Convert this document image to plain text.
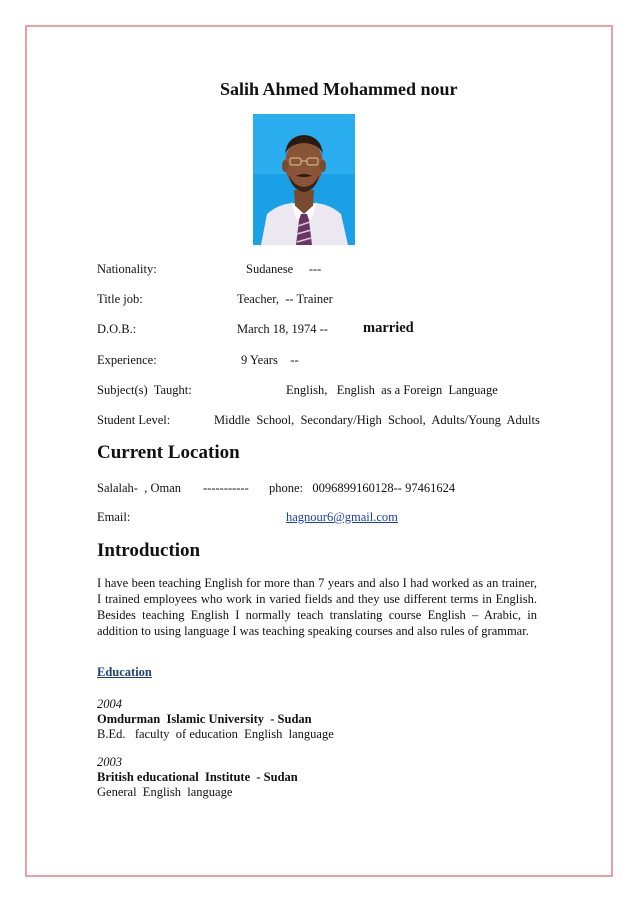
Salih Ahmed Mohammed nour
Nationality:	Sudanese     ---
Title job:	Teacher,  -- Trainer
D.O.B.:	March 18, 1974 -- married
Experience:	9 Years    --
Subject(s)  Taught:	English,   English  as a Foreign  Language
Student Level:	Middle  School,  Secondary/High  School,  Adults/Young  Adults
Current Location
Salalah-  , Oman ----------- phone:   0096899160128-- 97461624
Email:	hagnour6@gmail.com
Introduction
I have been teaching English for more than 7 years and also I had worked as an trainer, I trained employees who work in varied fields and they use different terms in English. Besides teaching English I normally teach translating course English – Arabic, in addition to using language I was teaching speaking courses and also rules of grammar.
Education
2004
Omdurman  Islamic University  - Sudan
B.Ed.   faculty  of education  English  language
2003
British educational  Institute  - Sudan
General  English  language
